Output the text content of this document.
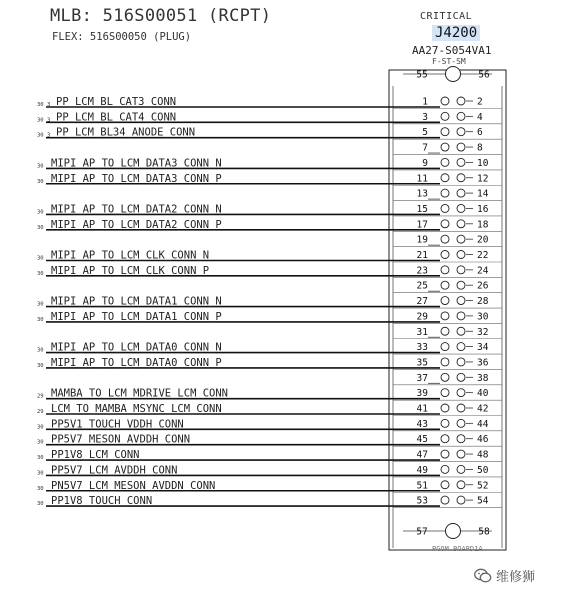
MLB: 516S00051 (RCPT)
FLEX: 516S00050 (PLUG)
CRITICAL
J4200
AA27-S054VA1
F-ST-SM
55	56
57	58
1	2
30 3 PP_LCM_BL_CAT3_CONN
3	4
30 3 PP_LCM_BL_CAT4_CONN
5	6
30 3 PP_LCM_BL34_ANODE_CONN
7	8
9	10
30 MIPI_AP_TO_LCM_DATA3_CONN_N
11	12
30 MIPI_AP_TO_LCM_DATA3_CONN_P
13	14
15	16
30 MIPI_AP_TO_LCM_DATA2_CONN_N
17	18
30 MIPI_AP_TO_LCM_DATA2_CONN_P
19	20
21	22
30 MIPI_AP_TO_LCM_CLK_CONN_N
23	24
30 MIPI_AP_TO_LCM_CLK_CONN_P
25	26
27	28
30 MIPI_AP_TO_LCM_DATA1_CONN_N
29	30
30 MIPI_AP_TO_LCM_DATA1_CONN_P
31	32
33	34
30 MIPI_AP_TO_LCM_DATA0_CONN_N
35	36
30 MIPI_AP_TO_LCM_DATA0_CONN_P
37	38
39	40
29 MAMBA_TO_LCM_MDRIVE_LCM_CONN
41	42
29 LCM_TO_MAMBA_MSYNC_LCM_CONN
43	44
30 PP5V1_TOUCH_VDDH_CONN
45	46
30 PP5V7_MESON_AVDDH_CONN
47	48
30 PP1V8_LCM_CONN
49	50
30 PP5V7_LCM_AVDDH_CONN
51	52
30 PN5V7_LCM_MESON_AVDDN_CONN
53	54
30 PP1V8_TOUCH_CONN
PGOM.BOARD1A
维修狮
